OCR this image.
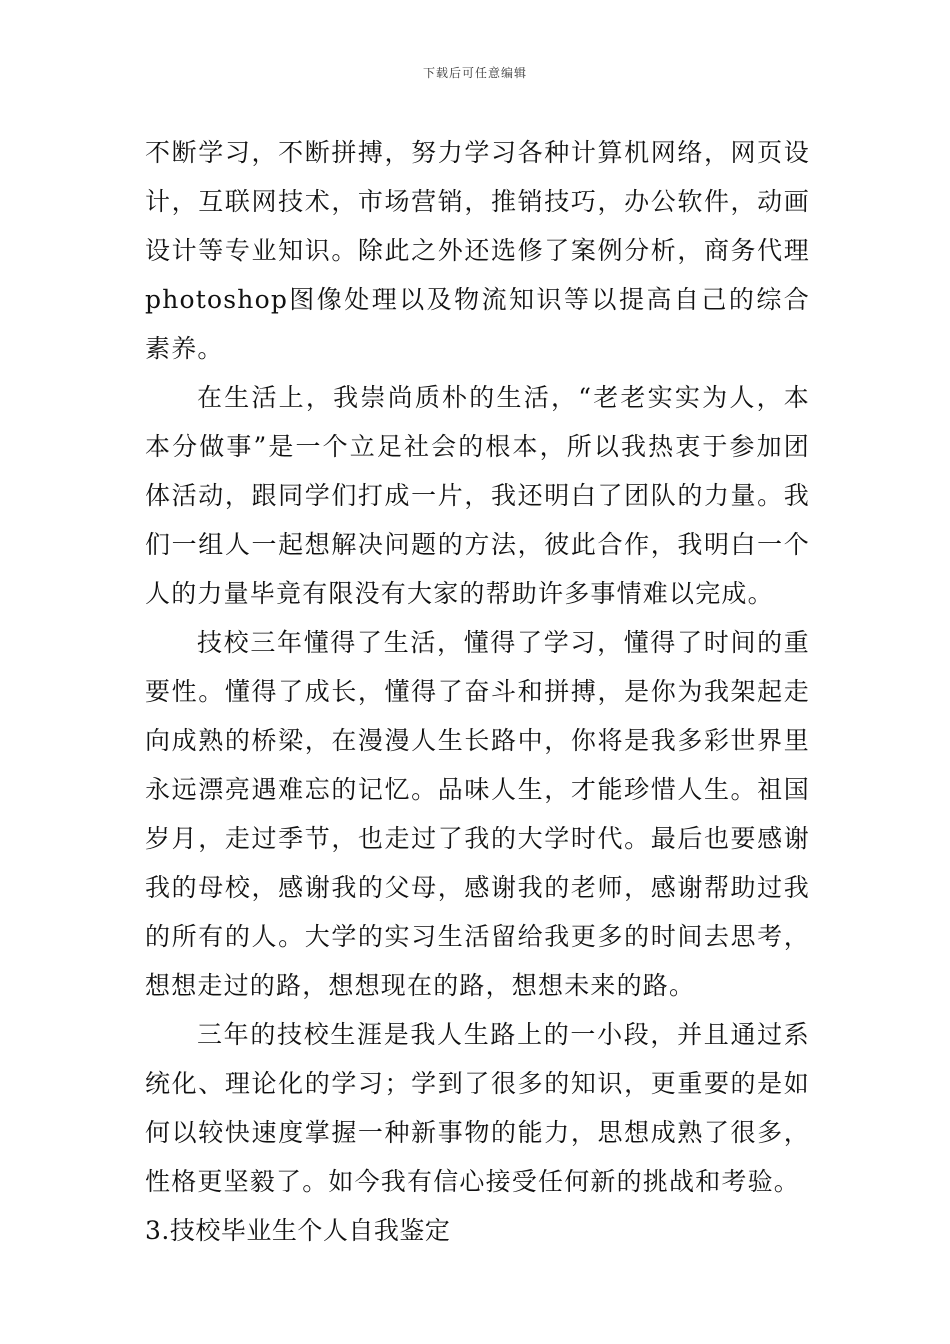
下载后可任意编辑

不断学习，不断拼搏，努力学习各种计算机网络，网页设计，互联网技术，市场营销，推销技巧，办公软件，动画设计等专业知识。除此之外还选修了案例分析，商务代理photoshop图像处理以及物流知识等以提高自己的综合素养。

在生活上，我崇尚质朴的生活，“老老实实为人，本本分做事”是一个立足社会的根本，所以我热衷于参加团体活动，跟同学们打成一片，我还明白了团队的力量。我们一组人一起想解决问题的方法，彼此合作，我明白一个人的力量毕竟有限没有大家的帮助许多事情难以完成。

技校三年懂得了生活，懂得了学习，懂得了时间的重要性。懂得了成长，懂得了奋斗和拼搏，是你为我架起走向成熟的桥梁，在漫漫人生长路中，你将是我多彩世界里永远漂亮遇难忘的记忆。品味人生，才能珍惜人生。祖国岁月，走过季节，也走过了我的大学时代。最后也要感谢我的母校，感谢我的父母，感谢我的老师，感谢帮助过我的所有的人。大学的实习生活留给我更多的时间去思考，想想走过的路，想想现在的路，想想未来的路。

三年的技校生涯是我人生路上的一小段，并且通过系统化、理论化的学习；学到了很多的知识，更重要的是如何以较快速度掌握一种新事物的能力，思想成熟了很多，性格更坚毅了。如今我有信心接受任何新的挑战和考验。

3.技校毕业生个人自我鉴定
